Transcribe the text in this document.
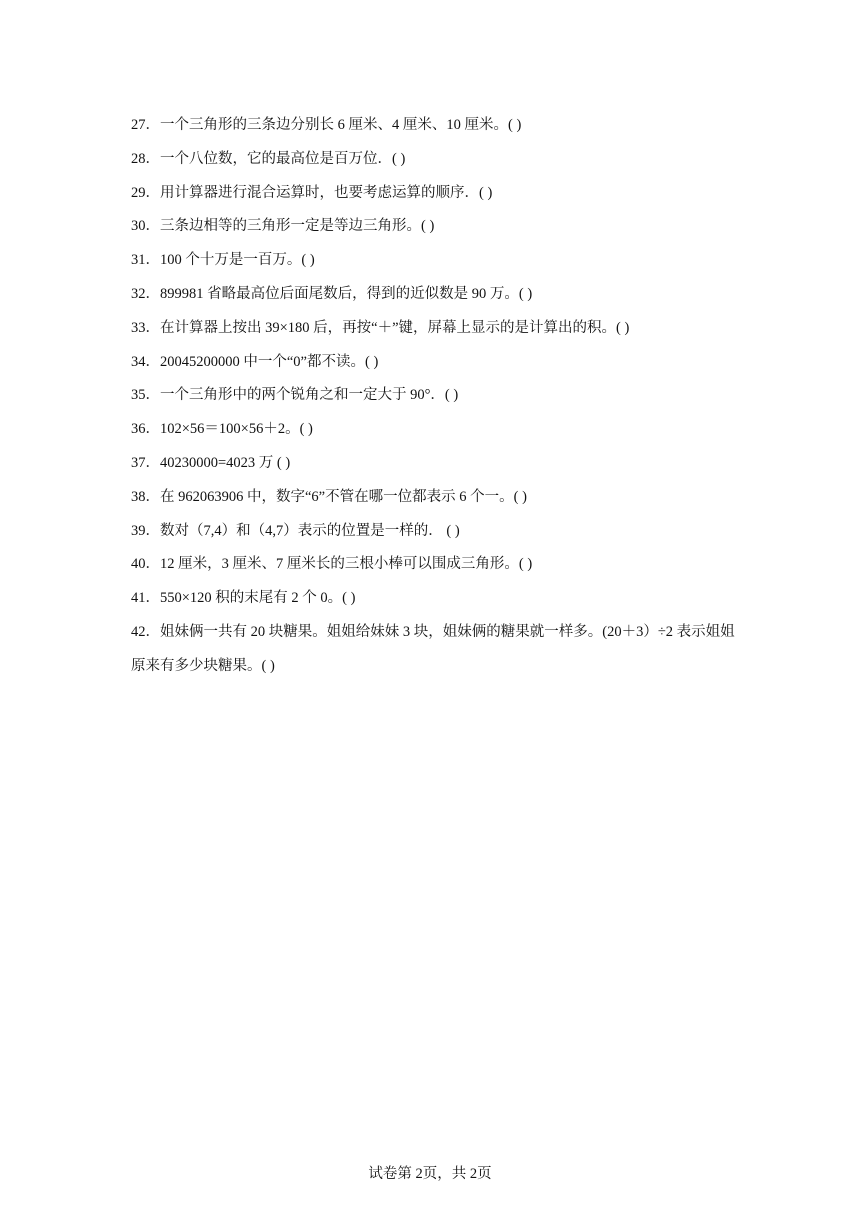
27．一个三角形的三条边分别长 6 厘米、4 厘米、10 厘米。( )
28．一个八位数，它的最高位是百万位．( )
29．用计算器进行混合运算时，也要考虑运算的顺序．( )
30．三条边相等的三角形一定是等边三角形。( )
31．100 个十万是一百万。( )
32．899981 省略最高位后面尾数后，得到的近似数是 90 万。( )
33．在计算器上按出 39×180 后，再按“＋”键，屏幕上显示的是计算出的积。( )
34．20045200000 中一个“0”都不读。( )
35．一个三角形中的两个锐角之和一定大于 90°．( )
36．102×56＝100×56＋2。( )
37．40230000=4023 万 ( )
38．在 962063906 中，数字“6”不管在哪一位都表示 6 个一。( )
39．数对（7,4）和（4,7）表示的位置是一样的． ( )
40．12 厘米，3 厘米、7 厘米长的三根小棒可以围成三角形。( )
41．550×120 积的末尾有 2 个 0。( )
42．姐妹俩一共有 20 块糖果。姐姐给妹妹 3 块，姐妹俩的糖果就一样多。(20＋3）÷2 表示姐姐原来有多少块糖果。( )
试卷第 2页，共 2页
